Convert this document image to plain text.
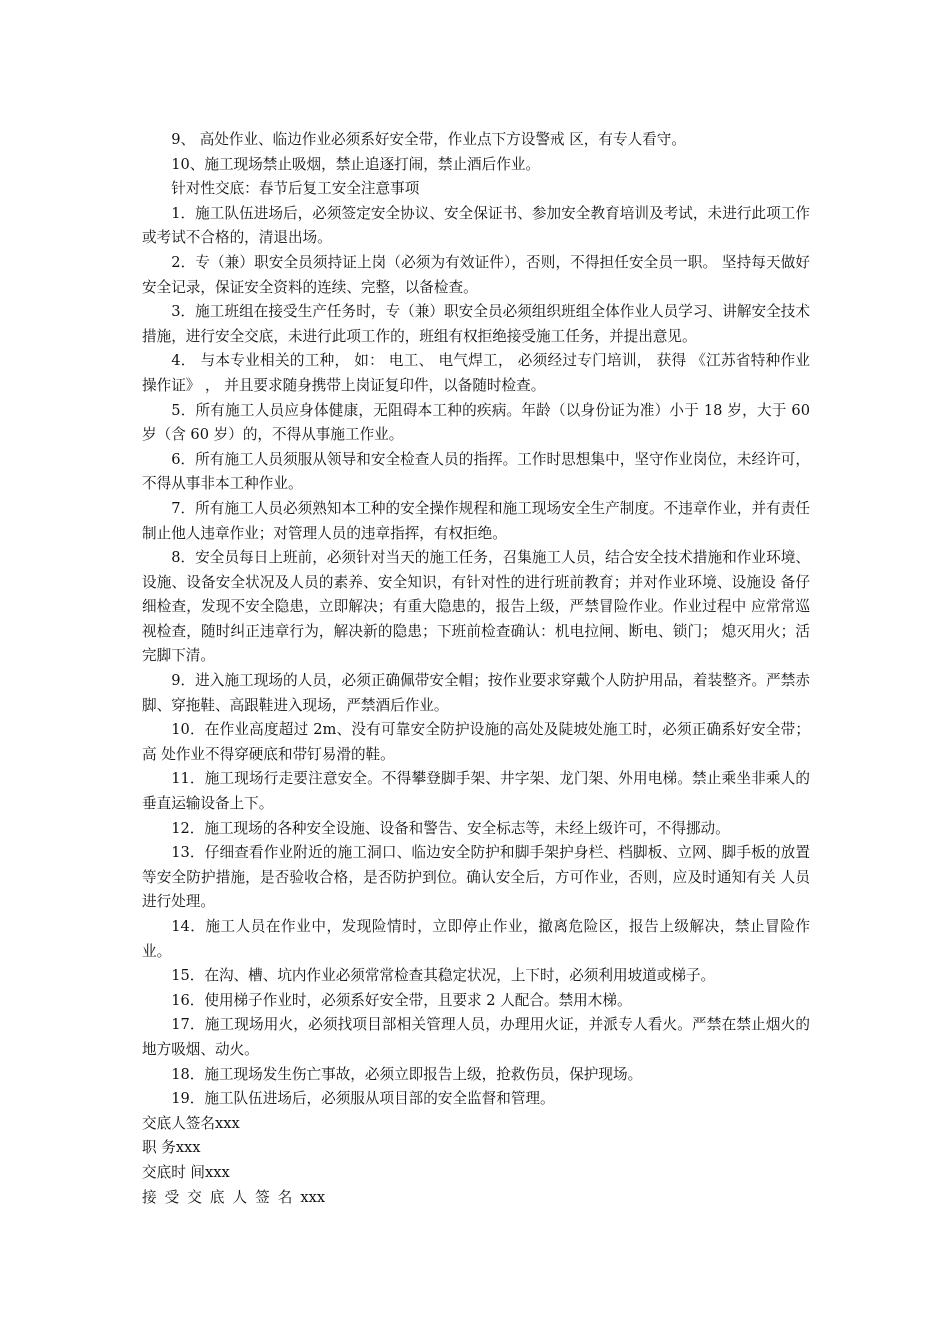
9、 高处作业、临边作业必须系好安全带，作业点下方设警戒 区，有专人看守。

10、施工现场禁止吸烟，禁止追逐打闹，禁止酒后作业。

针对性交底：春节后复工安全注意事项

1．施工队伍进场后，必须签定安全协议、安全保证书、参加安全教育培训及考试，未进行此项工作 或考试不合格的，清退出场。

2．专（兼）职安全员须持证上岗（必须为有效证件），否则，不得担任安全员一职。 坚持每天做好安全记录，保证安全资料的连续、完整，以备检查。

3．施工班组在接受生产任务时，专（兼）职安全员必须组织班组全体作业人员学习、讲解安全技术 措施，进行安全交底，未进行此项工作的，班组有权拒绝接受施工任务，并提出意见。

4． 与本专业相关的工种， 如： 电工、 电气焊工， 必须经过专门培训， 获得 《江苏省特种作业操作证》 ， 并且要求随身携带上岗证复印件，以备随时检查。

5．所有施工人员应身体健康，无阻碍本工种的疾病。年龄（以身份证为准）小于 18 岁，大于 60 岁（含 60 岁）的，不得从事施工作业。

6．所有施工人员须服从领导和安全检查人员的指挥。工作时思想集中，坚守作业岗位，未经许可， 不得从事非本工种作业。

7．所有施工人员必须熟知本工种的安全操作规程和施工现场安全生产制度。不违章作业，并有责任 制止他人违章作业；对管理人员的违章指挥，有权拒绝。

8．安全员每日上班前，必须针对当天的施工任务，召集施工人员，结合安全技术措施和作业环境、 设施、设备安全状况及人员的素养、安全知识，有针对性的进行班前教育；并对作业环境、设施设 备仔细检查，发现不安全隐患，立即解决；有重大隐患的，报告上级，严禁冒险作业。作业过程中 应常常巡视检查，随时纠正违章行为，解决新的隐患；下班前检查确认：机电拉闸、断电、锁门； 熄灭用火；活完脚下清。

9．进入施工现场的人员，必须正确佩带安全帽；按作业要求穿戴个人防护用品，着装整齐。严禁赤 脚、穿拖鞋、高跟鞋进入现场，严禁酒后作业。

10．在作业高度超过 2m、没有可靠安全防护设施的高处及陡坡处施工时，必须正确系好安全带；高 处作业不得穿硬底和带钉易滑的鞋。

11．施工现场行走要注意安全。不得攀登脚手架、井字架、龙门架、外用电梯。禁止乘坐非乘人的 垂直运输设备上下。

12．施工现场的各种安全设施、设备和警告、安全标志等，未经上级许可，不得挪动。

13．仔细查看作业附近的施工洞口、临边安全防护和脚手架护身栏、档脚板、立网、脚手板的放置 等安全防护措施，是否验收合格，是否防护到位。确认安全后，方可作业，否则，应及时通知有关 人员进行处理。

14．施工人员在作业中，发现险情时，立即停止作业，撤离危险区，报告上级解决，禁止冒险作业。

15．在沟、槽、坑内作业必须常常检查其稳定状况，上下时，必须利用坡道或梯子。

16．使用梯子作业时，必须系好安全带，且要求 2 人配合。禁用木梯。

17．施工现场用火，必须找项目部相关管理人员，办理用火证，并派专人看火。严禁在禁止烟火的 地方吸烟、动火。

18．施工现场发生伤亡事故，必须立即报告上级，抢救伤员，保护现场。

19．施工队伍进场后，必须服从项目部的安全监督和管理。

交底人签名xxx

职 务xxx

交底时 间xxx

接受交底人签名xxx
